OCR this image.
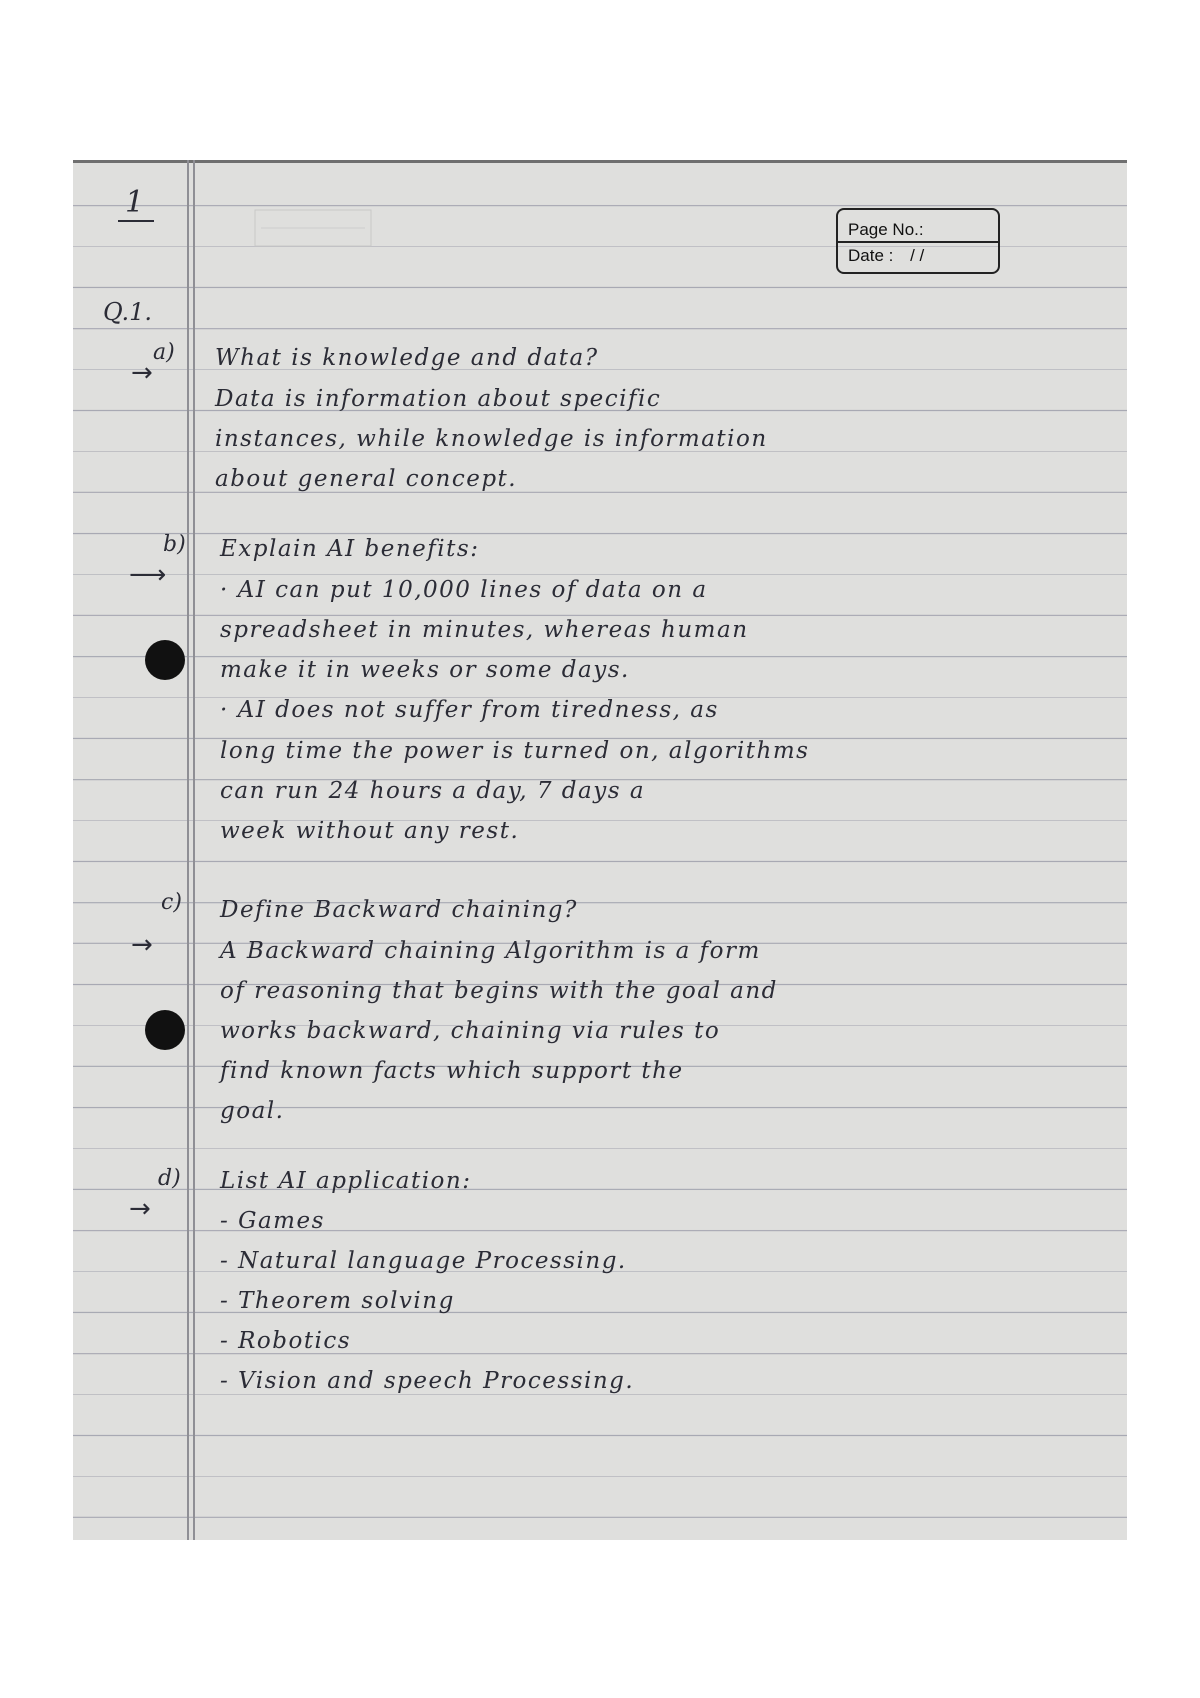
1
Page No.:
Date : / /
Q.1.
a)
→	What is knowledge and data?
Data is information about specific
instances, while knowledge is information
about general concept.
b)
⟶
Explain AI benefits:
· AI can put 10,000 lines of data on a
spreadsheet in minutes, whereas human
make it in weeks or some days.
· AI does not suffer from tiredness, as
long time the power is turned on, algorithms
can run 24 hours a day, 7 days a
week without any rest.
c)
→
Define Backward chaining?
A Backward chaining Algorithm is a form
of reasoning that begins with the goal and
works backward, chaining via rules to
find known facts which support the
goal.
d)
→
List AI application:
- Games
- Natural language Processing.
- Theorem solving
- Robotics
- Vision and speech Processing.
